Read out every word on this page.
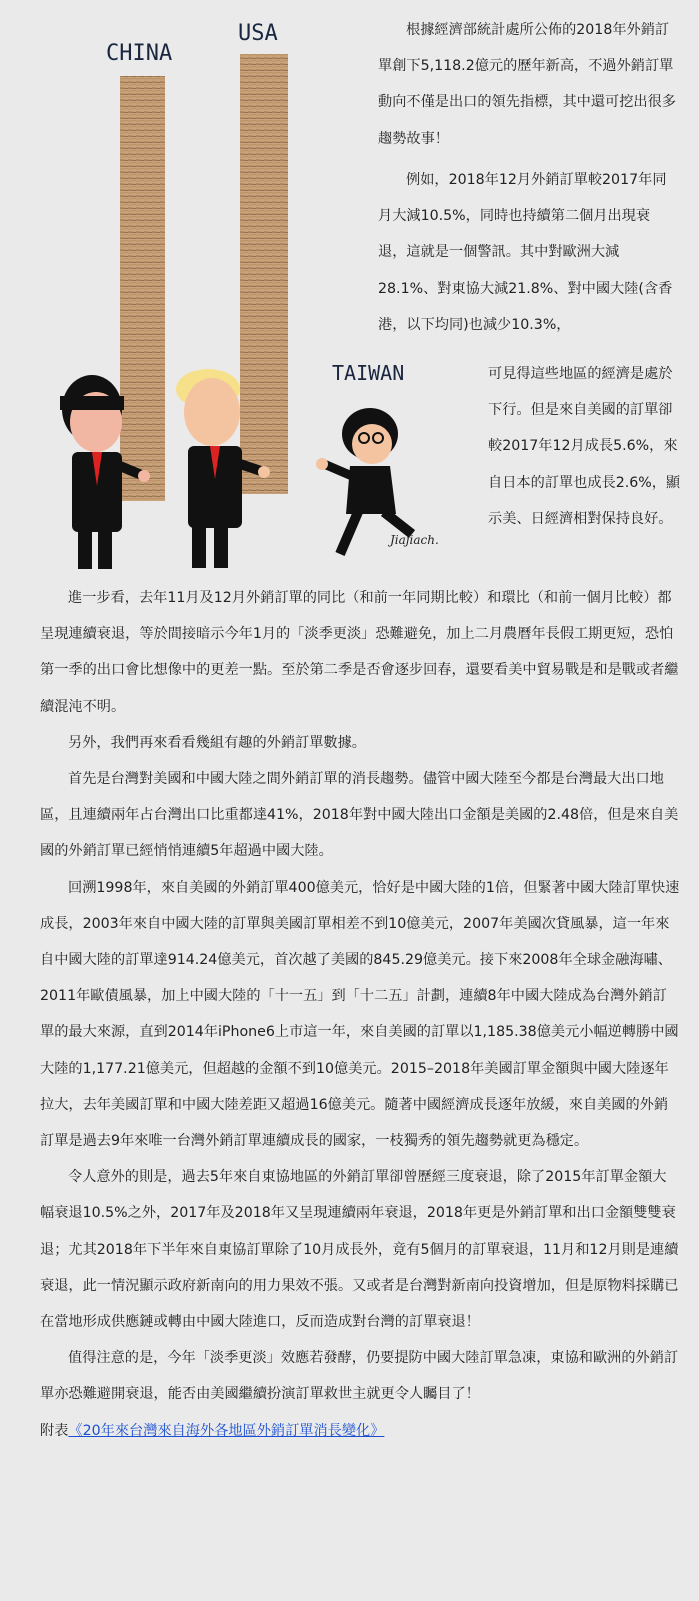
CHINA
USA
TAIWAN
Jiajiach.
根據經濟部統計處所公佈的2018年外銷訂單創下5,118.2億元的歷年新高，不過外銷訂單動向不僅是出口的領先指標，其中還可挖出很多趨勢故事！
例如，2018年12月外銷訂單較2017年同月大減10.5%，同時也持續第二個月出現衰退，這就是一個警訊。其中對歐洲大減28.1%、對東協大減21.8%、對中國大陸(含香港，以下均同)也減少10.3%，
可見得這些地區的經濟是處於下行。但是來自美國的訂單卻較2017年12月成長5.6%，來自日本的訂單也成長2.6%，顯示美、日經濟相對保持良好。

進一步看，去年11月及12月外銷訂單的同比（和前一年同期比較）和環比（和前一個月比較）都呈現連續衰退，等於間接暗示今年1月的「淡季更淡」恐難避免，加上二月農曆年長假工期更短，恐怕第一季的出口會比想像中的更差一點。至於第二季是否會逐步回春，還要看美中貿易戰是和是戰或者繼續混沌不明。

另外，我們再來看看幾組有趣的外銷訂單數據。

首先是台灣對美國和中國大陸之間外銷訂單的消長趨勢。儘管中國大陸至今都是台灣最大出口地區，且連續兩年占台灣出口比重都達41%，2018年對中國大陸出口金額是美國的2.48倍，但是來自美國的外銷訂單已經悄悄連續5年超過中國大陸。

回溯1998年，來自美國的外銷訂單400億美元，恰好是中國大陸的1倍，但緊著中國大陸訂單快速成長，2003年來自中國大陸的訂單與美國訂單相差不到10億美元，2007年美國次貸風暴，這一年來自中國大陸的訂單達914.24億美元，首次越了美國的845.29億美元。接下來2008年全球金融海嘯、2011年歐債風暴，加上中國大陸的「十一五」到「十二五」計劃，連續8年中國大陸成為台灣外銷訂單的最大來源，直到2014年iPhone6上市這一年，來自美國的訂單以1,185.38億美元小幅逆轉勝中國大陸的1,177.21億美元，但超越的金額不到10億美元。2015–2018年美國訂單金額與中國大陸逐年拉大，去年美國訂單和中國大陸差距又超過16億美元。隨著中國經濟成長逐年放緩，來自美國的外銷訂單是過去9年來唯一台灣外銷訂單連續成長的國家，一枝獨秀的領先趨勢就更為穩定。

令人意外的則是，過去5年來自東協地區的外銷訂單卻曾歷經三度衰退，除了2015年訂單金額大幅衰退10.5%之外，2017年及2018年又呈現連續兩年衰退，2018年更是外銷訂單和出口金額雙雙衰退；尤其2018年下半年來自東協訂單除了10月成長外，竟有5個月的訂單衰退，11月和12月則是連續衰退，此一情況顯示政府新南向的用力果效不張。又或者是台灣對新南向投資增加，但是原物料採購已在當地形成供應鏈或轉由中國大陸進口，反而造成對台灣的訂單衰退！

值得注意的是，今年「淡季更淡」效應若發酵，仍要提防中國大陸訂單急凍，東協和歐洲的外銷訂單亦恐難避開衰退，能否由美國繼續扮演訂單救世主就更令人矚目了！

附表《20年來台灣來自海外各地區外銷訂單消長變化》
